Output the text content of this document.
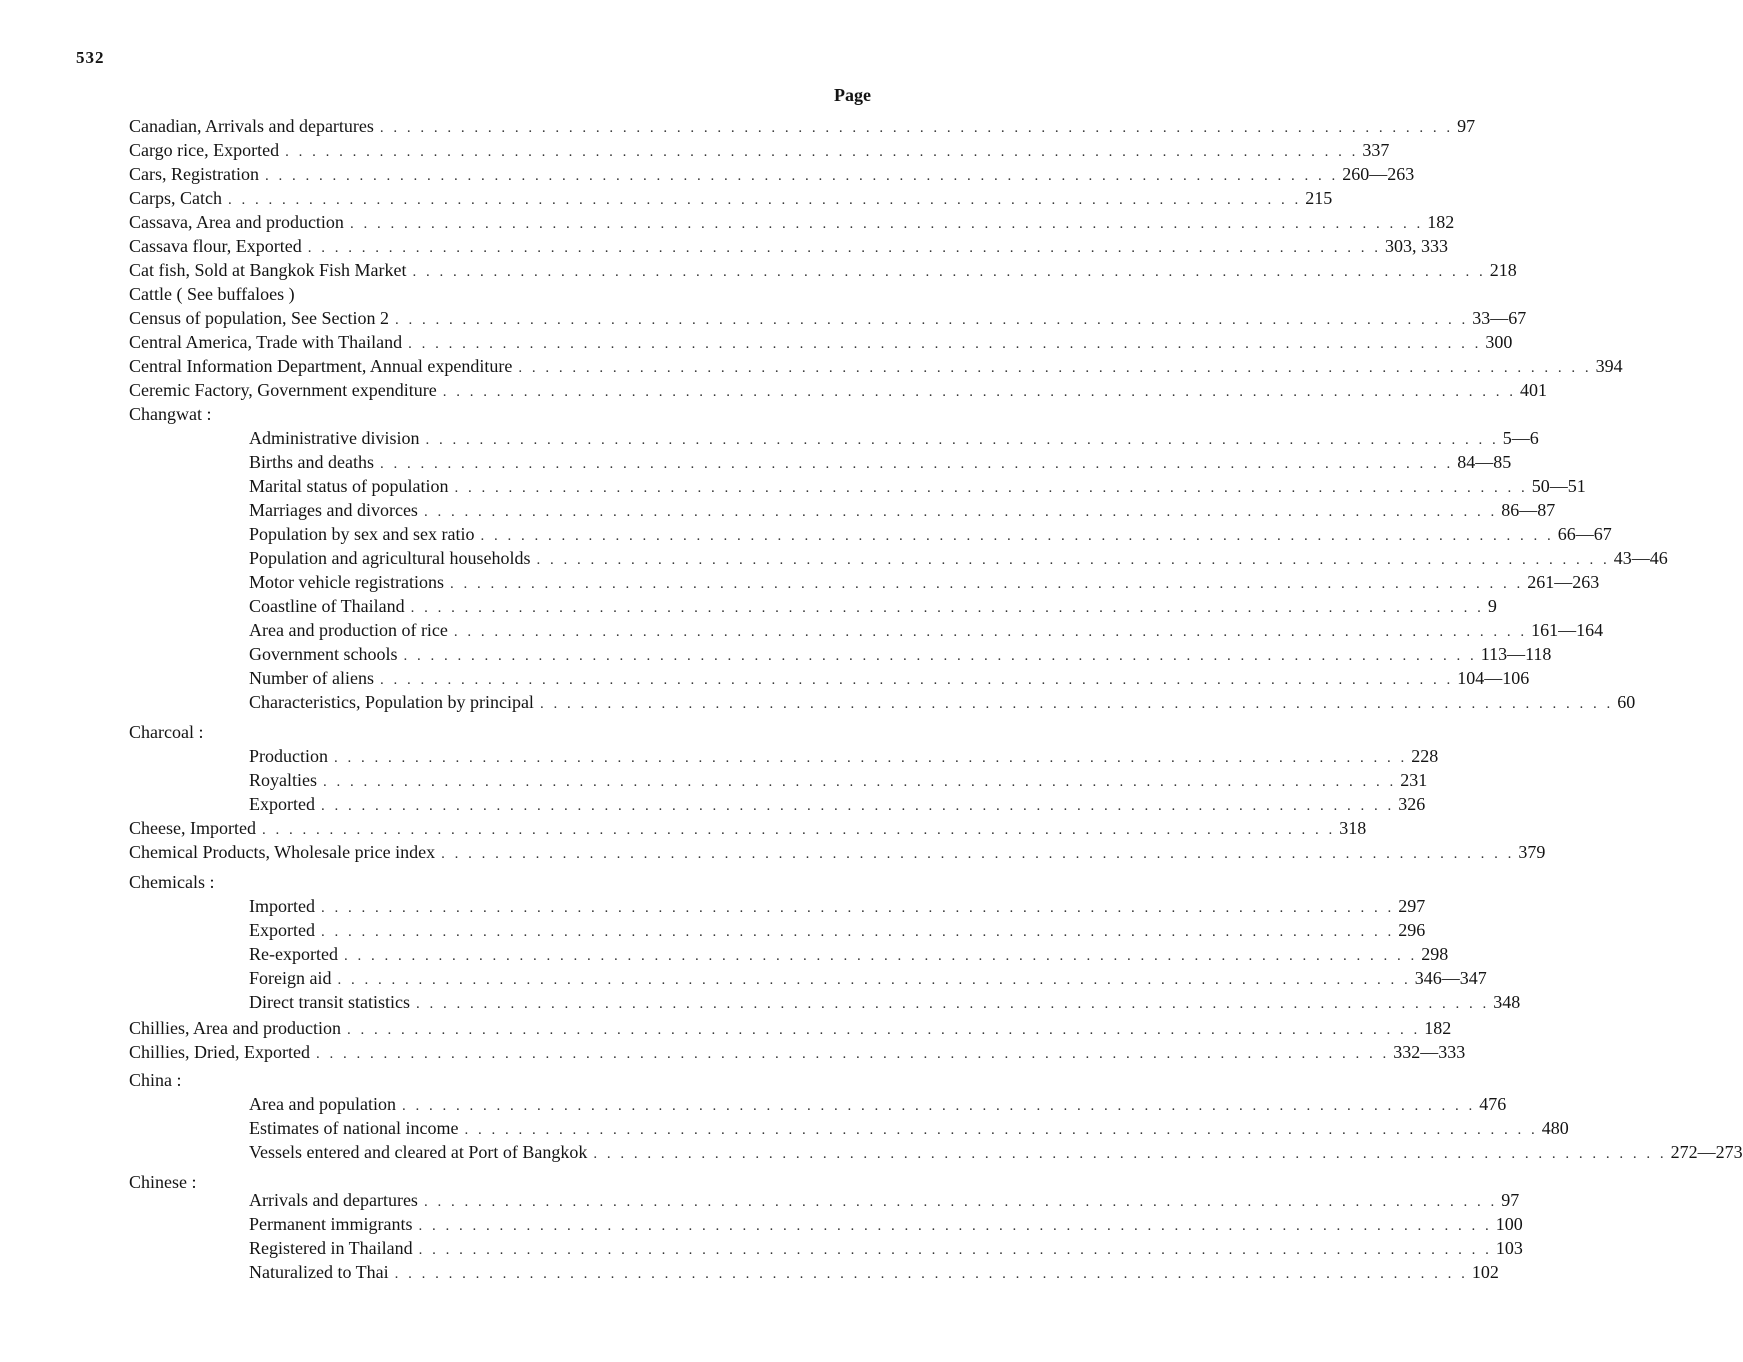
532
Page
Canadian, Arrivals and departures . . . . . . . . . . . . . . . . . . . . . . . . . . . . . . . . . . . . . . . . . . . . . . . . . . . . . . . . . . . . . . . . . . . . . . . . . . . . . . . . 97
Cargo rice, Exported . . . . . . . . . . . . . . . . . . . . . . . . . . . . . . . . . . . . . . . . . . . . . . . . . . . . . . . . . . . . . . . . . . . . . . . . . . . . . . . . 337
Cars, Registration . . . . . . . . . . . . . . . . . . . . . . . . . . . . . . . . . . . . . . . . . . . . . . . . . . . . . . . . . . . . . . . . . . . . . . . . . . . . . . . . 260—263
Carps, Catch . . . . . . . . . . . . . . . . . . . . . . . . . . . . . . . . . . . . . . . . . . . . . . . . . . . . . . . . . . . . . . . . . . . . . . . . . . . . . . . . 215
Cassava, Area and production . . . . . . . . . . . . . . . . . . . . . . . . . . . . . . . . . . . . . . . . . . . . . . . . . . . . . . . . . . . . . . . . . . . . . . . . . . . . . . . . 182
Cassava flour, Exported . . . . . . . . . . . . . . . . . . . . . . . . . . . . . . . . . . . . . . . . . . . . . . . . . . . . . . . . . . . . . . . . . . . . . . . . . . . . . . . . 303, 333
Cat fish, Sold at Bangkok Fish Market . . . . . . . . . . . . . . . . . . . . . . . . . . . . . . . . . . . . . . . . . . . . . . . . . . . . . . . . . . . . . . . . . . . . . . . . . . . . . . . . 218
Cattle ( See buffaloes )
Census of population, See Section 2 . . . . . . . . . . . . . . . . . . . . . . . . . . . . . . . . . . . . . . . . . . . . . . . . . . . . . . . . . . . . . . . . . . . . . . . . . . . . . . . . 33—67
Central America, Trade with Thailand . . . . . . . . . . . . . . . . . . . . . . . . . . . . . . . . . . . . . . . . . . . . . . . . . . . . . . . . . . . . . . . . . . . . . . . . . . . . . . . . 300
Central Information Department, Annual expenditure . . . . . . . . . . . . . . . . . . . . . . . . . . . . . . . . . . . . . . . . . . . . . . . . . . . . . . . . . . . . . . . . . . . . . . . . . . . . . . . . 394
Ceremic Factory, Government expenditure . . . . . . . . . . . . . . . . . . . . . . . . . . . . . . . . . . . . . . . . . . . . . . . . . . . . . . . . . . . . . . . . . . . . . . . . . . . . . . . . 401
Changwat :
Administrative division . . . . . . . . . . . . . . . . . . . . . . . . . . . . . . . . . . . . . . . . . . . . . . . . . . . . . . . . . . . . . . . . . . . . . . . . . . . . . . . . 5—6
Births and deaths . . . . . . . . . . . . . . . . . . . . . . . . . . . . . . . . . . . . . . . . . . . . . . . . . . . . . . . . . . . . . . . . . . . . . . . . . . . . . . . . 84—85
Marital status of population . . . . . . . . . . . . . . . . . . . . . . . . . . . . . . . . . . . . . . . . . . . . . . . . . . . . . . . . . . . . . . . . . . . . . . . . . . . . . . . . 50—51
Marriages and divorces . . . . . . . . . . . . . . . . . . . . . . . . . . . . . . . . . . . . . . . . . . . . . . . . . . . . . . . . . . . . . . . . . . . . . . . . . . . . . . . . 86—87
Population by sex and sex ratio . . . . . . . . . . . . . . . . . . . . . . . . . . . . . . . . . . . . . . . . . . . . . . . . . . . . . . . . . . . . . . . . . . . . . . . . . . . . . . . . 66—67
Population and agricultural households . . . . . . . . . . . . . . . . . . . . . . . . . . . . . . . . . . . . . . . . . . . . . . . . . . . . . . . . . . . . . . . . . . . . . . . . . . . . . . . . 43—46
Motor vehicle registrations . . . . . . . . . . . . . . . . . . . . . . . . . . . . . . . . . . . . . . . . . . . . . . . . . . . . . . . . . . . . . . . . . . . . . . . . . . . . . . . . 261—263
Coastline of Thailand . . . . . . . . . . . . . . . . . . . . . . . . . . . . . . . . . . . . . . . . . . . . . . . . . . . . . . . . . . . . . . . . . . . . . . . . . . . . . . . . 9
Area and production of rice . . . . . . . . . . . . . . . . . . . . . . . . . . . . . . . . . . . . . . . . . . . . . . . . . . . . . . . . . . . . . . . . . . . . . . . . . . . . . . . . 161—164
Government schools . . . . . . . . . . . . . . . . . . . . . . . . . . . . . . . . . . . . . . . . . . . . . . . . . . . . . . . . . . . . . . . . . . . . . . . . . . . . . . . . 113—118
Number of aliens . . . . . . . . . . . . . . . . . . . . . . . . . . . . . . . . . . . . . . . . . . . . . . . . . . . . . . . . . . . . . . . . . . . . . . . . . . . . . . . . 104—106
Characteristics, Population by principal . . . . . . . . . . . . . . . . . . . . . . . . . . . . . . . . . . . . . . . . . . . . . . . . . . . . . . . . . . . . . . . . . . . . . . . . . . . . . . . . 60
Charcoal :
Production . . . . . . . . . . . . . . . . . . . . . . . . . . . . . . . . . . . . . . . . . . . . . . . . . . . . . . . . . . . . . . . . . . . . . . . . . . . . . . . . 228
Royalties . . . . . . . . . . . . . . . . . . . . . . . . . . . . . . . . . . . . . . . . . . . . . . . . . . . . . . . . . . . . . . . . . . . . . . . . . . . . . . . . 231
Exported . . . . . . . . . . . . . . . . . . . . . . . . . . . . . . . . . . . . . . . . . . . . . . . . . . . . . . . . . . . . . . . . . . . . . . . . . . . . . . . . 326
Cheese, Imported . . . . . . . . . . . . . . . . . . . . . . . . . . . . . . . . . . . . . . . . . . . . . . . . . . . . . . . . . . . . . . . . . . . . . . . . . . . . . . . . 318
Chemical Products, Wholesale price index . . . . . . . . . . . . . . . . . . . . . . . . . . . . . . . . . . . . . . . . . . . . . . . . . . . . . . . . . . . . . . . . . . . . . . . . . . . . . . . . 379
Chemicals :
Imported . . . . . . . . . . . . . . . . . . . . . . . . . . . . . . . . . . . . . . . . . . . . . . . . . . . . . . . . . . . . . . . . . . . . . . . . . . . . . . . . 297
Exported . . . . . . . . . . . . . . . . . . . . . . . . . . . . . . . . . . . . . . . . . . . . . . . . . . . . . . . . . . . . . . . . . . . . . . . . . . . . . . . . 296
Re-exported . . . . . . . . . . . . . . . . . . . . . . . . . . . . . . . . . . . . . . . . . . . . . . . . . . . . . . . . . . . . . . . . . . . . . . . . . . . . . . . . 298
Foreign aid . . . . . . . . . . . . . . . . . . . . . . . . . . . . . . . . . . . . . . . . . . . . . . . . . . . . . . . . . . . . . . . . . . . . . . . . . . . . . . . . 346—347
Direct transit statistics . . . . . . . . . . . . . . . . . . . . . . . . . . . . . . . . . . . . . . . . . . . . . . . . . . . . . . . . . . . . . . . . . . . . . . . . . . . . . . . . 348
Chillies, Area and production . . . . . . . . . . . . . . . . . . . . . . . . . . . . . . . . . . . . . . . . . . . . . . . . . . . . . . . . . . . . . . . . . . . . . . . . . . . . . . . . 182
Chillies, Dried, Exported . . . . . . . . . . . . . . . . . . . . . . . . . . . . . . . . . . . . . . . . . . . . . . . . . . . . . . . . . . . . . . . . . . . . . . . . . . . . . . . . 332—333
China :
Area and population . . . . . . . . . . . . . . . . . . . . . . . . . . . . . . . . . . . . . . . . . . . . . . . . . . . . . . . . . . . . . . . . . . . . . . . . . . . . . . . . 476
Estimates of national income . . . . . . . . . . . . . . . . . . . . . . . . . . . . . . . . . . . . . . . . . . . . . . . . . . . . . . . . . . . . . . . . . . . . . . . . . . . . . . . . 480
Vessels entered and cleared at Port of Bangkok . . . . . . . . . . . . . . . . . . . . . . . . . . . . . . . . . . . . . . . . . . . . . . . . . . . . . . . . . . . . . . . . . . . . . . . . . . . . . . . . 272—273
Chinese :
Arrivals and departures . . . . . . . . . . . . . . . . . . . . . . . . . . . . . . . . . . . . . . . . . . . . . . . . . . . . . . . . . . . . . . . . . . . . . . . . . . . . . . . . 97
Permanent immigrants . . . . . . . . . . . . . . . . . . . . . . . . . . . . . . . . . . . . . . . . . . . . . . . . . . . . . . . . . . . . . . . . . . . . . . . . . . . . . . . . 100
Registered in Thailand . . . . . . . . . . . . . . . . . . . . . . . . . . . . . . . . . . . . . . . . . . . . . . . . . . . . . . . . . . . . . . . . . . . . . . . . . . . . . . . . 103
Naturalized to Thai . . . . . . . . . . . . . . . . . . . . . . . . . . . . . . . . . . . . . . . . . . . . . . . . . . . . . . . . . . . . . . . . . . . . . . . . . . . . . . . . 102
